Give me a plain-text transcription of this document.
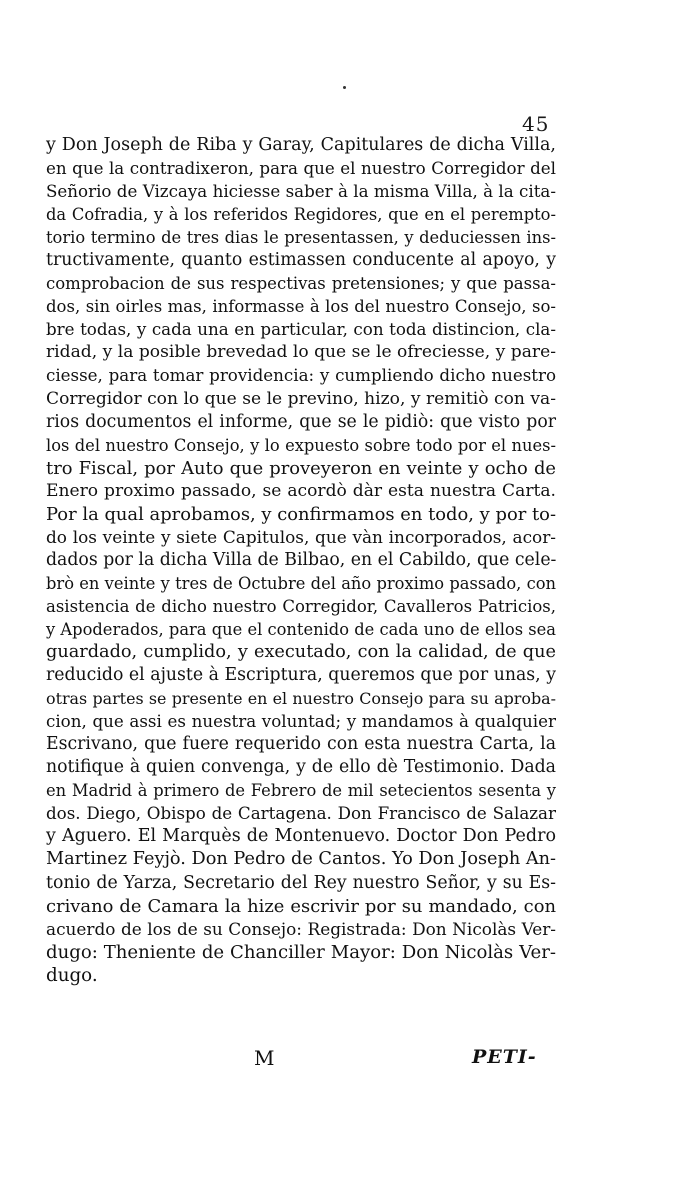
45
y Don Joseph de Riba y Garay, Capitulares de dicha Villa,
en que la contradixeron, para que el nuestro Corregidor del
Señorio de Vizcaya hiciesse saber à la misma Villa, à la cita-
da Cofradia, y à los referidos Regidores, que en el perempto-
torio termino de tres dias le presentassen, y deduciessen ins-
tructivamente, quanto estimassen conducente al apoyo, y
comprobacion de sus respectivas pretensiones; y que passa-
dos, sin oirles mas, informasse à los del nuestro Consejo, so-
bre todas, y cada una en particular, con toda distincion, cla-
ridad, y la posible brevedad lo que se le ofreciesse, y pare-
ciesse, para tomar providencia: y cumpliendo dicho nuestro
Corregidor con lo que se le previno, hizo, y remitiò con va-
rios documentos el informe, que se le pidiò: que visto por
los del nuestro Consejo, y lo expuesto sobre todo por el nues-
tro Fiscal, por Auto que proveyeron en veinte y ocho de
Enero proximo passado, se acordò dàr esta nuestra Carta.
Por la qual aprobamos, y confirmamos en todo, y por to-
do los veinte y siete Capitulos, que vàn incorporados, acor-
dados por la dicha Villa de Bilbao, en el Cabildo, que cele-
brò en veinte y tres de Octubre del año proximo passado, con
asistencia de dicho nuestro Corregidor, Cavalleros Patricios,
y Apoderados, para que el contenido de cada uno de ellos sea
guardado, cumplido, y executado, con la calidad, de que
reducido el ajuste à Escriptura, queremos que por unas, y
otras partes se presente en el nuestro Consejo para su aproba-
cion, que assi es nuestra voluntad; y mandamos à qualquier
Escrivano, que fuere requerido con esta nuestra Carta, la
notifique à quien convenga, y de ello dè Testimonio. Dada
en Madrid à primero de Febrero de mil setecientos sesenta y
dos. Diego, Obispo de Cartagena. Don Francisco de Salazar
y Aguero. El Marquès de Montenuevo. Doctor Don Pedro
Martinez Feyjò. Don Pedro de Cantos. Yo Don Joseph An-
tonio de Yarza, Secretario del Rey nuestro Señor, y su Es-
crivano de Camara la hize escrivir por su mandado, con
acuerdo de los de su Consejo: Registrada: Don Nicolàs Ver-
dugo: Theniente de Chanciller Mayor: Don Nicolàs Ver-
dugo.
M	PETI-
